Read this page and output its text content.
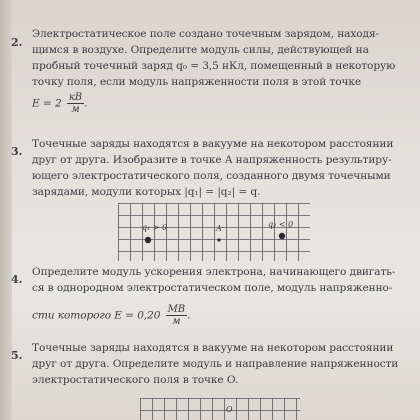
2.
Электростатическое поле создано точечным зарядом, находя-
щимся в воздухе. Определите модуль силы, действующей на
пробный точечный заряд q₀ = 3,5 нКл, помещенный в некоторую
точку поля, если модуль напряженности поля в этой точке
$E = 2 \frac{кВ}{м}$ .
3.
Точечные заряды находятся в вакууме на некотором расстоянии
друг от друга. Изобразите в точке A напряженность результиру-
ющего электростатического поля, созданного двумя точечными
зарядами, модули которых |q₁| = |q₂| = q.
q₁ > 0	A	q₂ < 0
4.
Определите модуль ускорения электрона, начинающего двигать-
ся в однородном электростатическом поле, модуль напряженно-
сти которого $E = 0,20 \frac{МВ}{м}$ .
5.
Точечные заряды находятся в вакууме на некотором расстоянии
друг от друга. Определите модуль и направление напряженности
электростатического поля в точке O.
O
